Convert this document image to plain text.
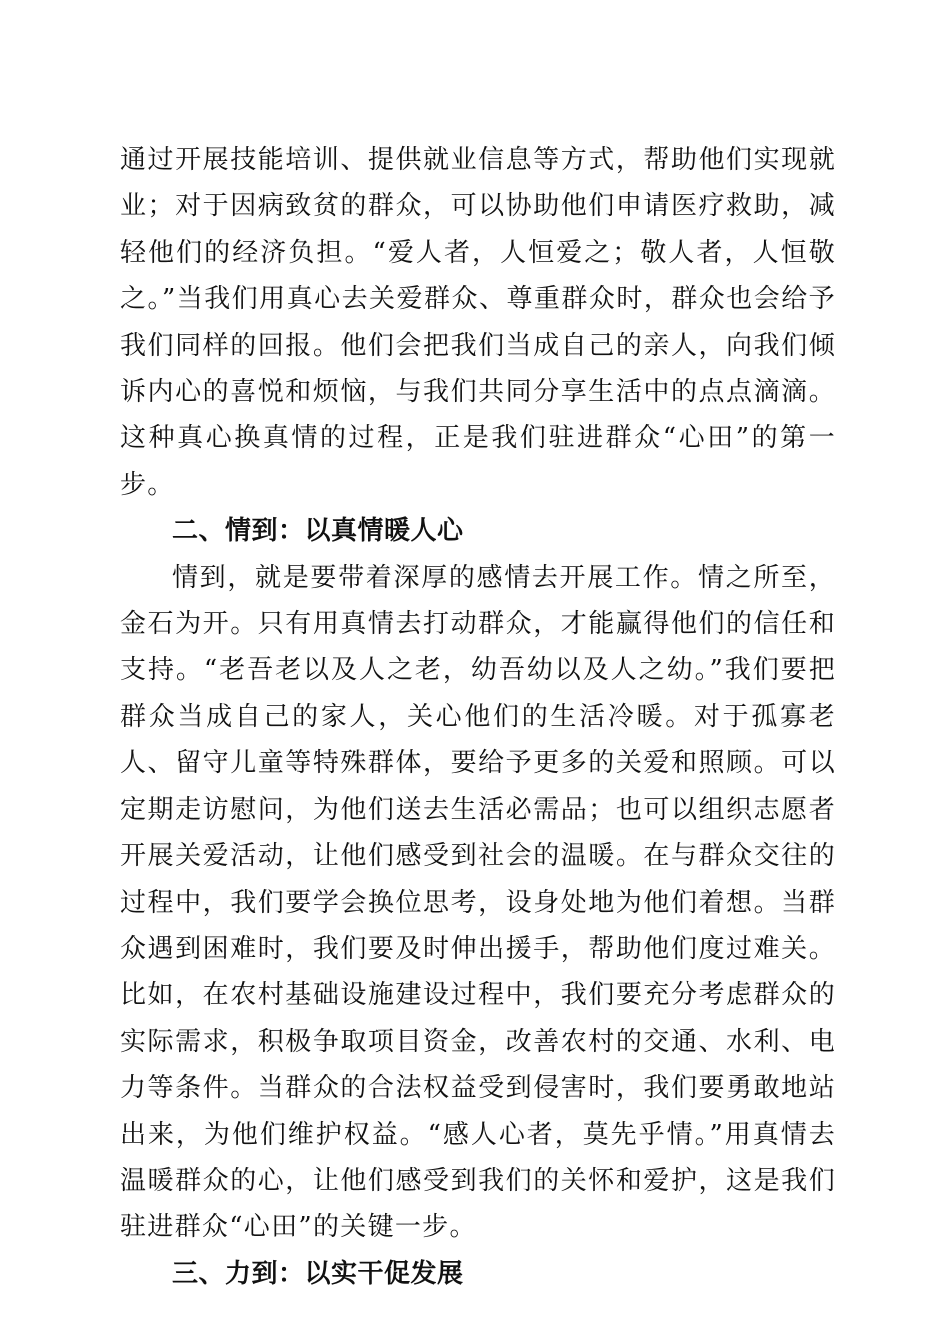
通过开展技能培训、提供就业信息等方式，帮助他们实现就业；对于因病致贫的群众，可以协助他们申请医疗救助，减轻他们的经济负担。“爱人者，人恒爱之；敬人者，人恒敬之。”当我们用真心去关爱群众、尊重群众时，群众也会给予我们同样的回报。他们会把我们当成自己的亲人，向我们倾诉内心的喜悦和烦恼，与我们共同分享生活中的点点滴滴。这种真心换真情的过程，正是我们驻进群众“心田”的第一步。

二、情到：以真情暖人心

情到，就是要带着深厚的感情去开展工作。情之所至，金石为开。只有用真情去打动群众，才能赢得他们的信任和支持。“老吾老以及人之老，幼吾幼以及人之幼。”我们要把群众当成自己的家人，关心他们的生活冷暖。对于孤寡老人、留守儿童等特殊群体，要给予更多的关爱和照顾。可以定期走访慰问，为他们送去生活必需品；也可以组织志愿者开展关爱活动，让他们感受到社会的温暖。在与群众交往的过程中，我们要学会换位思考，设身处地为他们着想。当群众遇到困难时，我们要及时伸出援手，帮助他们度过难关。比如，在农村基础设施建设过程中，我们要充分考虑群众的实际需求，积极争取项目资金，改善农村的交通、水利、电力等条件。当群众的合法权益受到侵害时，我们要勇敢地站出来，为他们维护权益。“感人心者，莫先乎情。”用真情去温暖群众的心，让他们感受到我们的关怀和爱护，这是我们驻进群众“心田”的关键一步。

三、力到：以实干促发展
